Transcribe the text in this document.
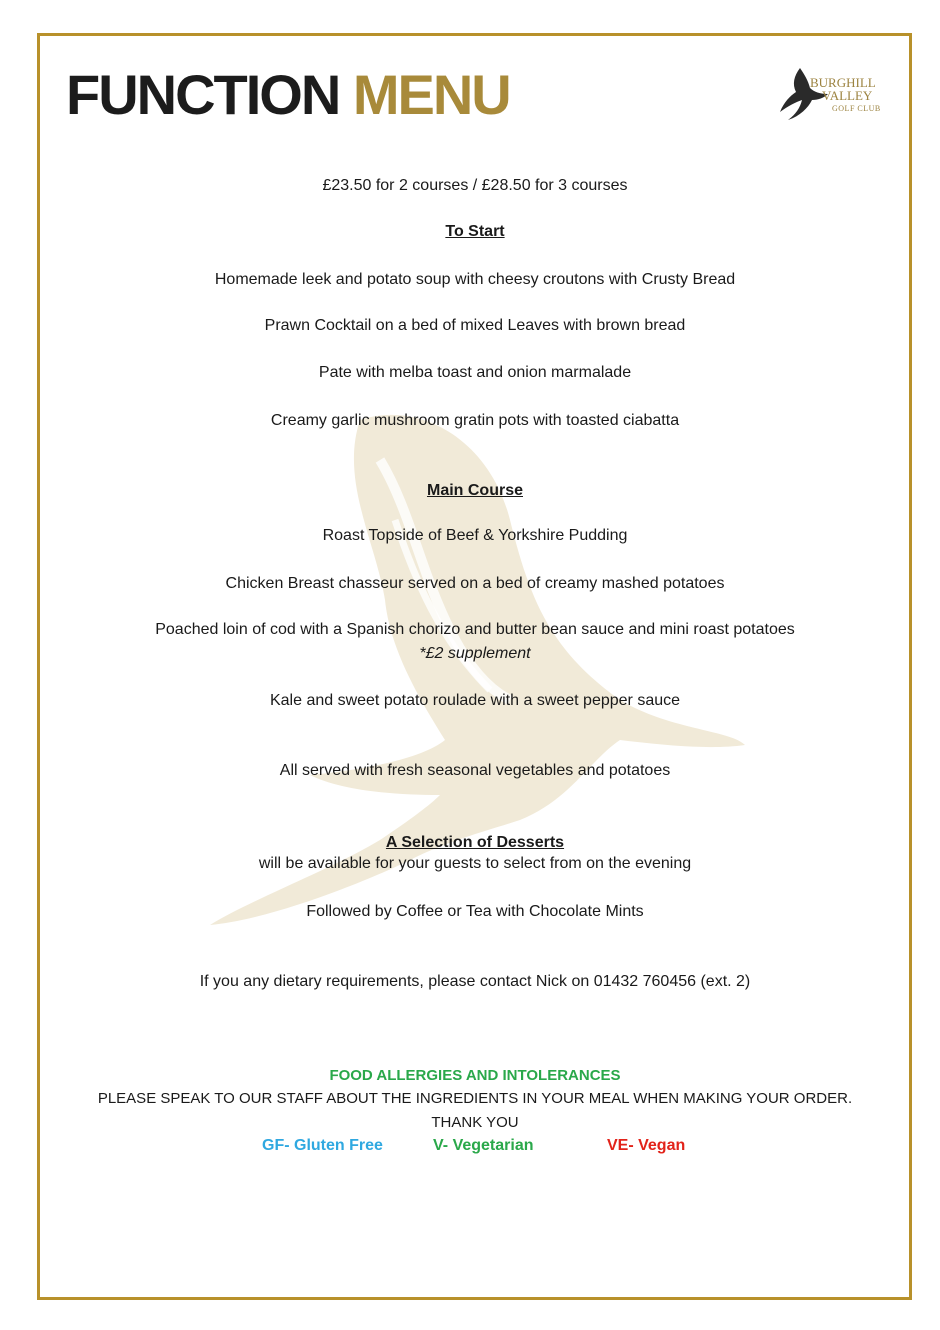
FUNCTION MENU	BURGHILL
VALLEY
GOLF CLUB
£23.50 for 2 courses / £28.50 for 3 courses
To Start
Homemade leek and potato soup with cheesy croutons with Crusty Bread
Prawn Cocktail on a bed of mixed Leaves with brown bread
Pate with melba toast and onion marmalade
Creamy garlic mushroom gratin pots with toasted ciabatta
Main Course
Roast Topside of Beef & Yorkshire Pudding
Chicken Breast chasseur served on a bed of creamy mashed potatoes
Poached loin of cod with a Spanish chorizo and butter bean sauce and mini roast potatoes
*£2 supplement
Kale and sweet potato roulade with a sweet pepper sauce
All served with fresh seasonal vegetables and potatoes
A Selection of Desserts
will be available for your guests to select from on the evening
Followed by Coffee or Tea with Chocolate Mints
If you any dietary requirements, please contact Nick on 01432 760456 (ext. 2)
FOOD ALLERGIES AND INTOLERANCES
PLEASE SPEAK TO OUR STAFF ABOUT THE INGREDIENTS IN YOUR MEAL WHEN MAKING YOUR ORDER.
THANK YOU
GF- Gluten Free	V- Vegetarian	VE- Vegan
